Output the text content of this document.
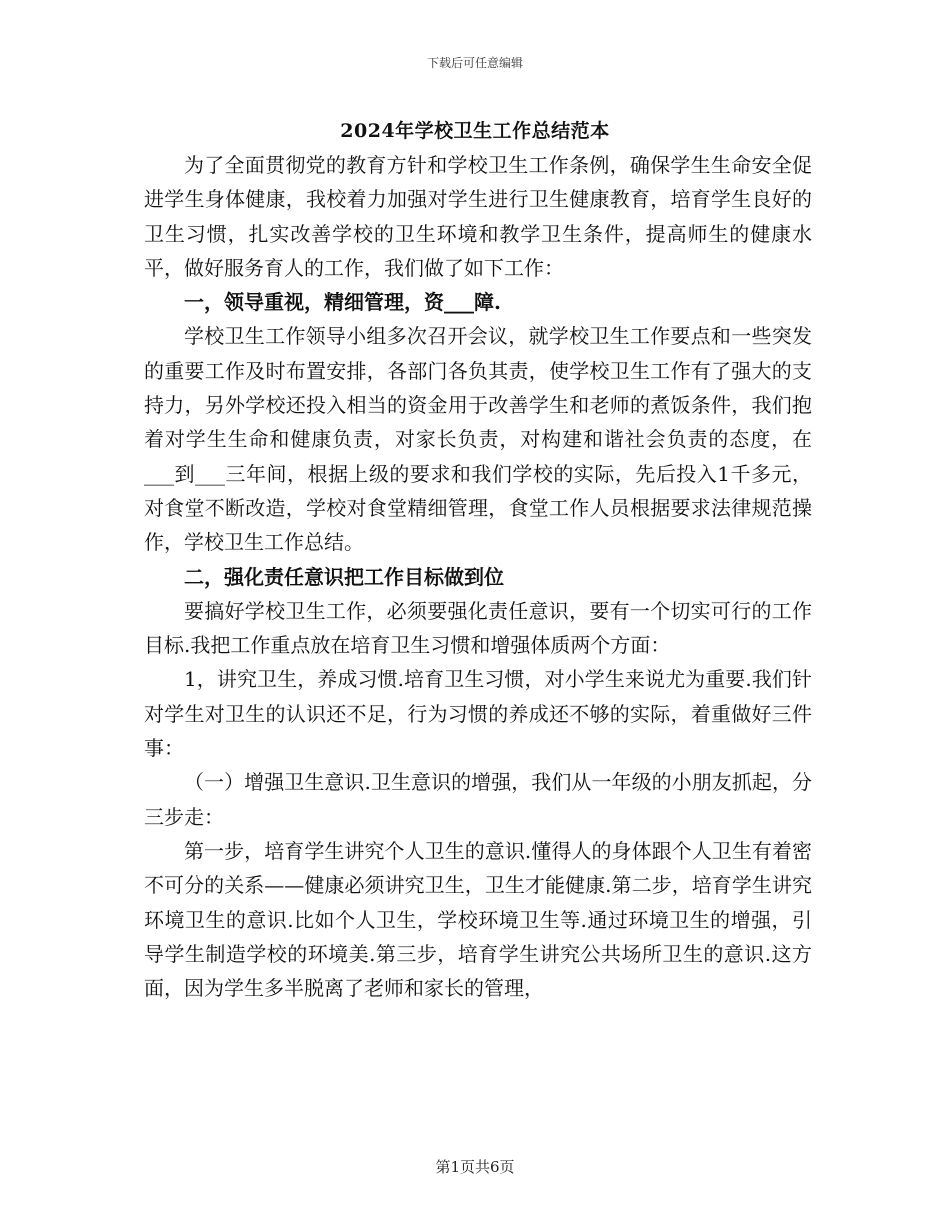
下载后可任意编辑
2024年学校卫生工作总结范本

为了全面贯彻党的教育方针和学校卫生工作条例，确保学生生命安全促进学生身体健康，我校着力加强对学生进行卫生健康教育，培育学生良好的卫生习惯，扎实改善学校的卫生环境和教学卫生条件，提高师生的健康水平，做好服务育人的工作，我们做了如下工作：

一，领导重视，精细管理，资___障.

学校卫生工作领导小组多次召开会议，就学校卫生工作要点和一些突发的重要工作及时布置安排，各部门各负其责，使学校卫生工作有了强大的支持力，另外学校还投入相当的资金用于改善学生和老师的煮饭条件，我们抱着对学生生命和健康负责，对家长负责，对构建和谐社会负责的态度，在___到___三年间，根据上级的要求和我们学校的实际，先后投入1千多元，对食堂不断改造，学校对食堂精细管理，食堂工作人员根据要求法律规范操作，学校卫生工作总结。

二，强化责任意识把工作目标做到位

要搞好学校卫生工作，必须要强化责任意识，要有一个切实可行的工作目标.我把工作重点放在培育卫生习惯和增强体质两个方面：

1，讲究卫生，养成习惯.培育卫生习惯，对小学生来说尤为重要.我们针对学生对卫生的认识还不足，行为习惯的养成还不够的实际，着重做好三件事：

（一）增强卫生意识.卫生意识的增强，我们从一年级的小朋友抓起，分三步走：

第一步，培育学生讲究个人卫生的意识.懂得人的身体跟个人卫生有着密不可分的关系——健康必须讲究卫生，卫生才能健康.第二步，培育学生讲究环境卫生的意识.比如个人卫生，学校环境卫生等.通过环境卫生的增强，引导学生制造学校的环境美.第三步，培育学生讲究公共场所卫生的意识.这方面，因为学生多半脱离了老师和家长的管理，

第1页共6页
